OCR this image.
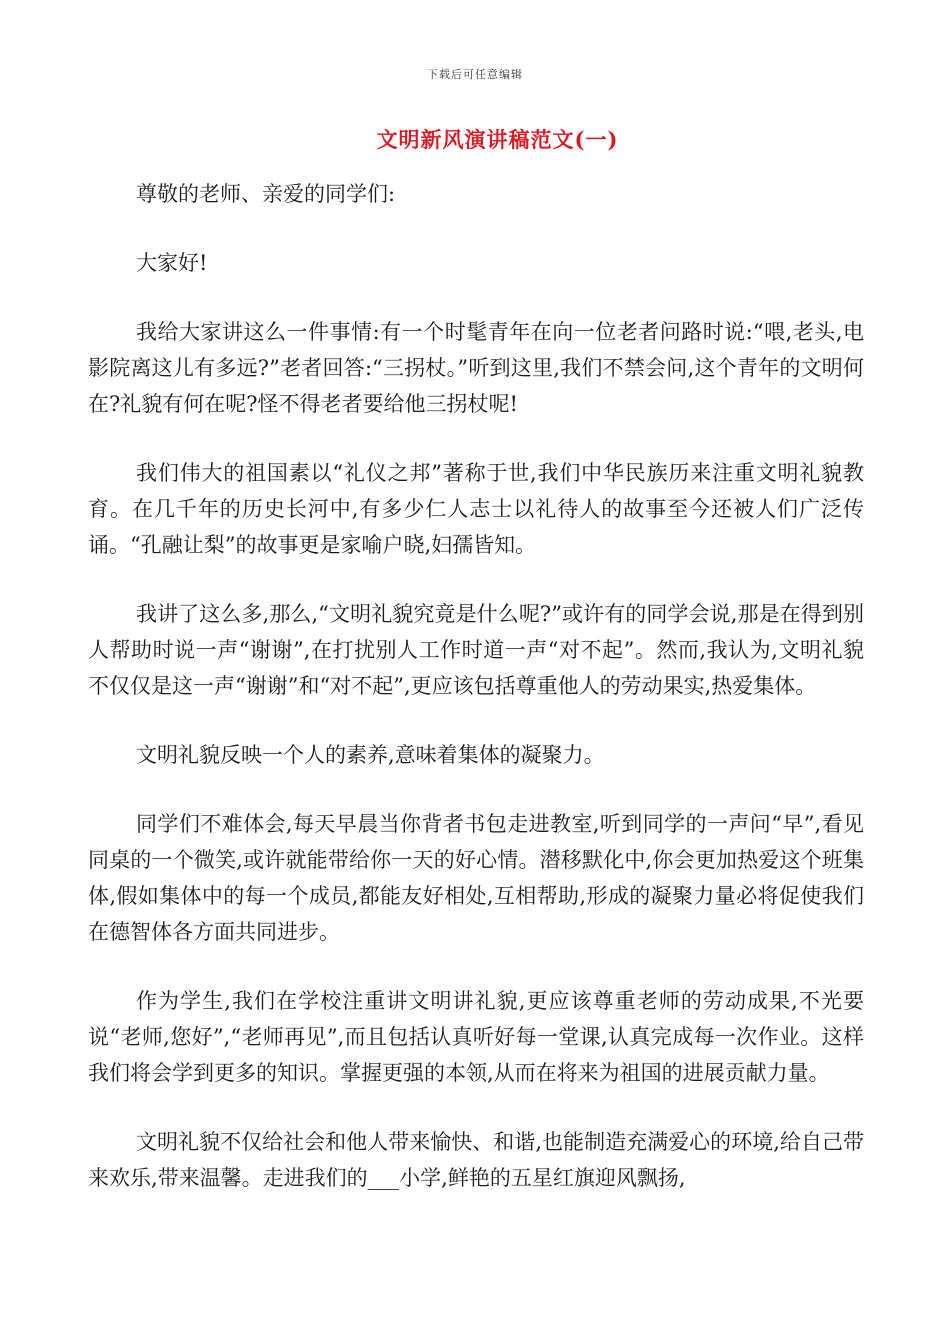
下载后可任意编辑
文明新风演讲稿范文(一)

尊敬的老师、亲爱的同学们:

大家好!

我给大家讲这么一件事情:有一个时髦青年在向一位老者问路时说:“喂,老头,电影院离这儿有多远?”老者回答:“三拐杖。”听到这里,我们不禁会问,这个青年的文明何在?礼貌有何在呢?怪不得老者要给他三拐杖呢!

我们伟大的祖国素以“礼仪之邦”著称于世,我们中华民族历来注重文明礼貌教育。在几千年的历史长河中,有多少仁人志士以礼待人的故事至今还被人们广泛传诵。“孔融让梨”的故事更是家喻户晓,妇孺皆知。

我讲了这么多,那么,“文明礼貌究竟是什么呢?”或许有的同学会说,那是在得到别人帮助时说一声“谢谢”,在打扰别人工作时道一声“对不起”。然而,我认为,文明礼貌不仅仅是这一声“谢谢”和“对不起”,更应该包括尊重他人的劳动果实,热爱集体。

文明礼貌反映一个人的素养,意味着集体的凝聚力。

同学们不难体会,每天早晨当你背者书包走进教室,听到同学的一声问“早”,看见同桌的一个微笑,或许就能带给你一天的好心情。潜移默化中,你会更加热爱这个班集体,假如集体中的每一个成员,都能友好相处,互相帮助,形成的凝聚力量必将促使我们在德智体各方面共同进步。

作为学生,我们在学校注重讲文明讲礼貌,更应该尊重老师的劳动成果,不光要说“老师,您好”,“老师再见”,而且包括认真听好每一堂课,认真完成每一次作业。这样我们将会学到更多的知识。掌握更强的本领,从而在将来为祖国的进展贡献力量。

文明礼貌不仅给社会和他人带来愉快、和谐,也能制造充满爱心的环境,给自己带来欢乐,带来温馨。走进我们的___小学,鲜艳的五星红旗迎风飘扬,
